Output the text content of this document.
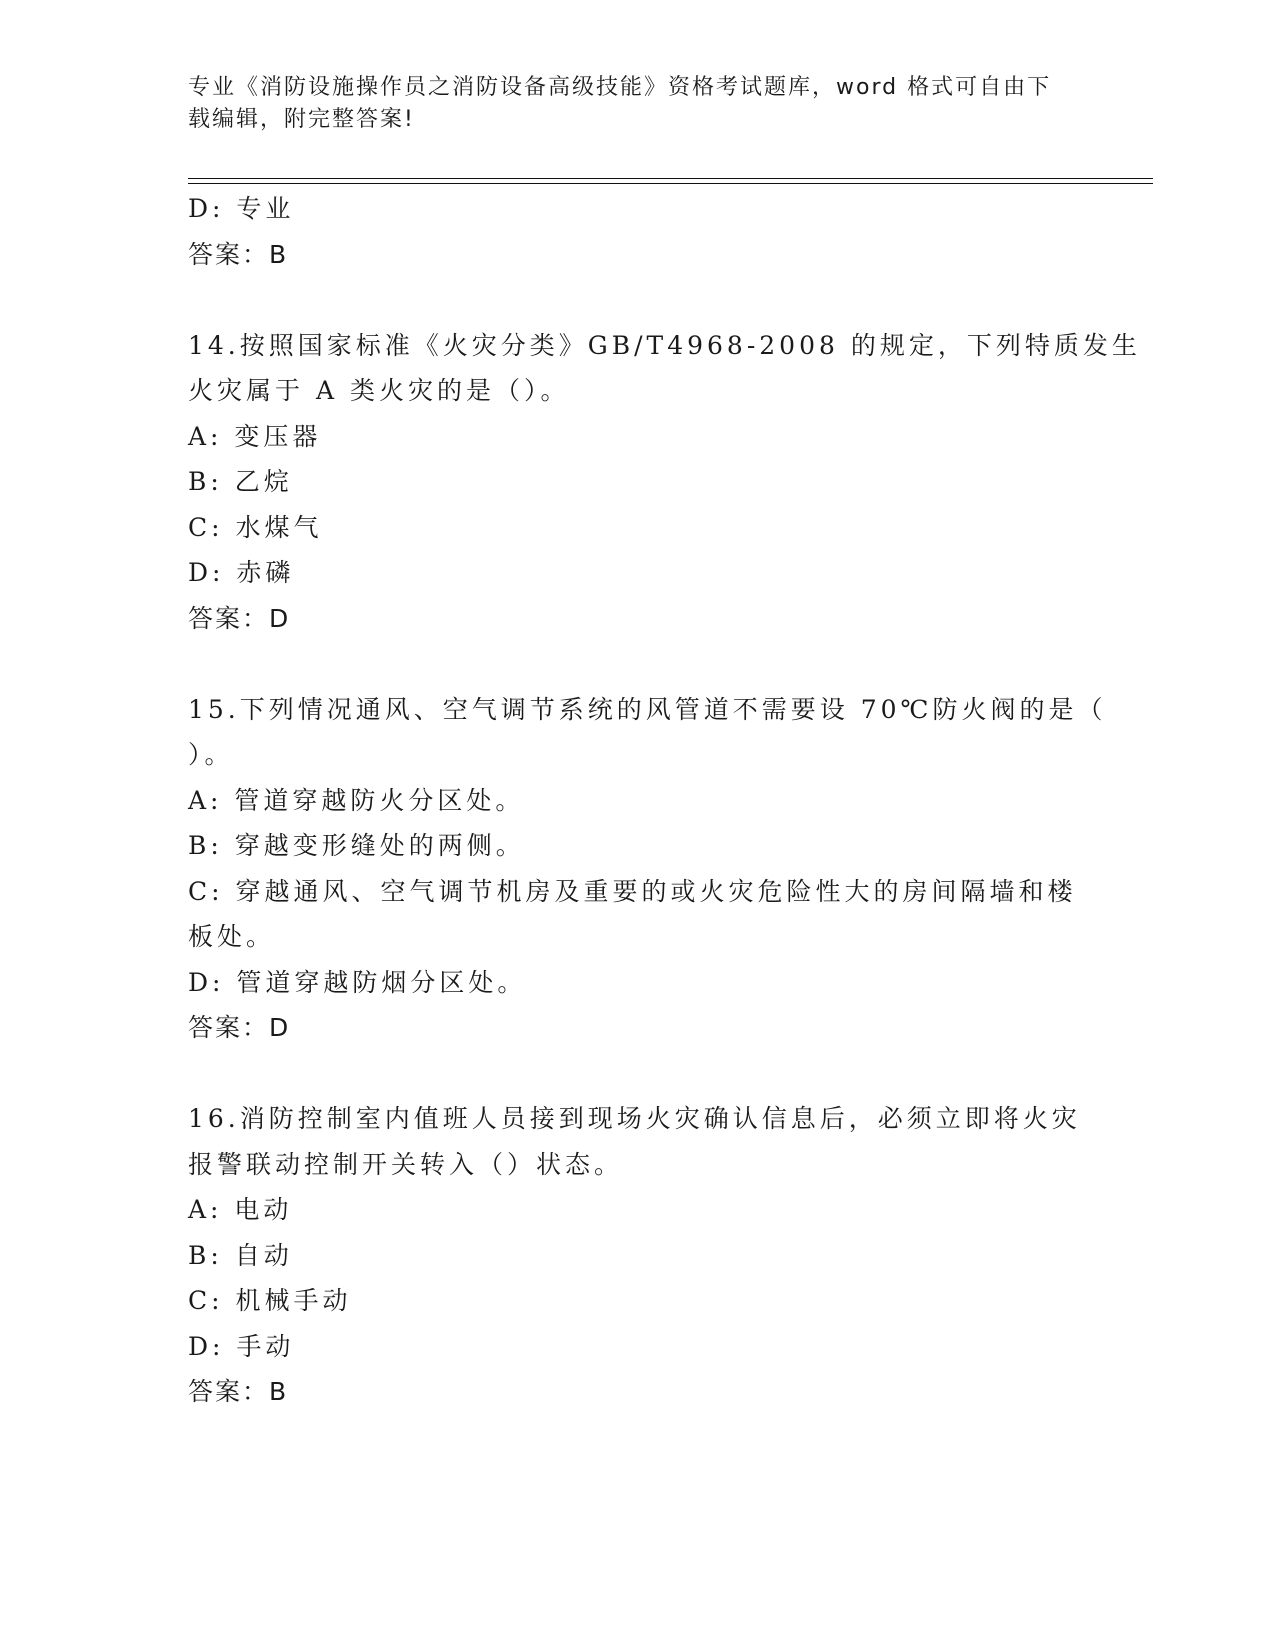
专业《消防设施操作员之消防设备高级技能》资格考试题库，word 格式可自由下
载编辑，附完整答案!
D: 专业
答案：B
14.按照国家标准《火灾分类》GB/T4968-2008 的规定，下列特质发生
火灾属于 A 类火灾的是（）。
A: 变压器
B: 乙烷
C: 水煤气
D: 赤磷
答案：D
15.下列情况通风、空气调节系统的风管道不需要设 70℃防火阀的是（
）。
A: 管道穿越防火分区处。
B: 穿越变形缝处的两侧。
C: 穿越通风、空气调节机房及重要的或火灾危险性大的房间隔墙和楼
板处。
D: 管道穿越防烟分区处。
答案：D
16.消防控制室内值班人员接到现场火灾确认信息后，必须立即将火灾
报警联动控制开关转入（）状态。
A: 电动
B: 自动
C: 机械手动
D: 手动
答案：B
